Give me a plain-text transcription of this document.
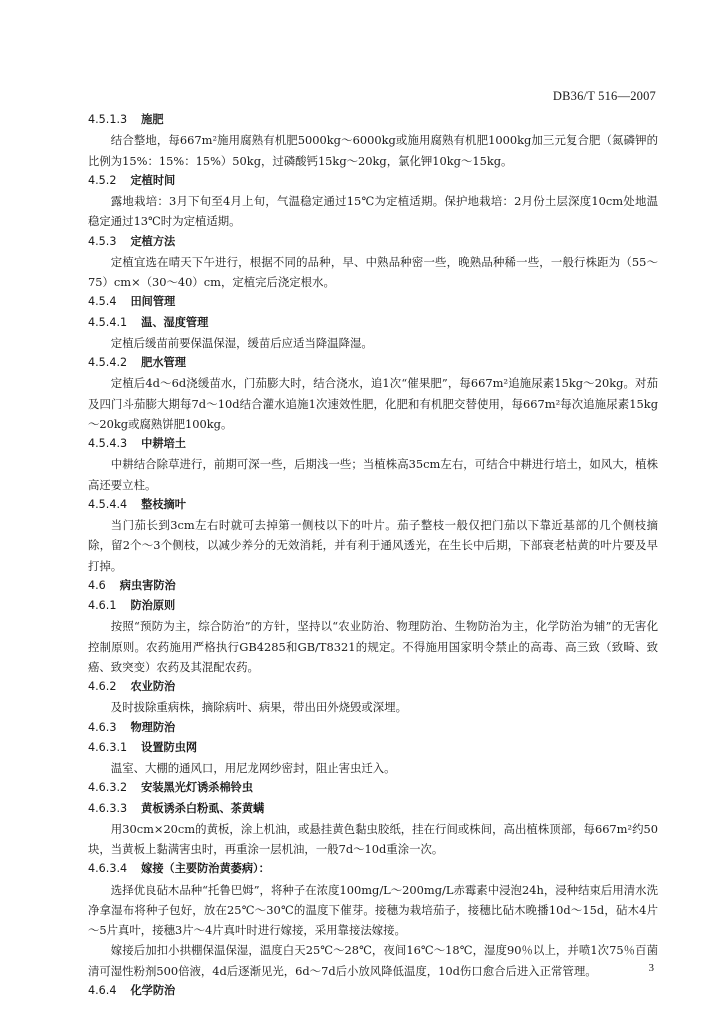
DB36/T 516—2007
4.5.1.3 施肥
结合整地，每667m²施用腐熟有机肥5000kg～6000kg或施用腐熟有机肥1000kg加三元复合肥（氮磷钾的比例为15%：15%：15%）50kg，过磷酸钙15kg～20kg，氯化钾10kg～15kg。
4.5.2 定植时间
露地栽培：3月下旬至4月上旬，气温稳定通过15℃为定植适期。保护地栽培：2月份土层深度10cm处地温稳定通过13℃时为定植适期。
4.5.3 定植方法
定植宜选在晴天下午进行，根据不同的品种，早、中熟品种密一些，晚熟品种稀一些，一般行株距为（55～75）cm×（30～40）cm，定植完后浇定根水。
4.5.4 田间管理
4.5.4.1 温、湿度管理
定植后缓苗前要保温保湿，缓苗后应适当降温降湿。
4.5.4.2 肥水管理
定植后4d～6d浇缓苗水，门茄膨大时，结合浇水，追1次“催果肥”，每667m²追施尿素15kg～20kg。对茄及四门斗茄膨大期每7d～10d结合灌水追施1次速效性肥，化肥和有机肥交替使用，每667m²每次追施尿素15kg～20kg或腐熟饼肥100kg。
4.5.4.3 中耕培土
中耕结合除草进行，前期可深一些，后期浅一些；当植株高35cm左右，可结合中耕进行培土，如风大，植株高还要立柱。
4.5.4.4 整枝摘叶
当门茄长到3cm左右时就可去掉第一侧枝以下的叶片。茄子整枝一般仅把门茄以下靠近基部的几个侧枝摘除，留2个～3个侧枝，以减少养分的无效消耗，并有利于通风透光，在生长中后期，下部衰老枯黄的叶片要及早打掉。
4.6 病虫害防治
4.6.1 防治原则
按照“预防为主，综合防治”的方针，坚持以“农业防治、物理防治、生物防治为主，化学防治为辅”的无害化控制原则。农药施用严格执行GB4285和GB/T8321的规定。不得施用国家明令禁止的高毒、高三致（致畸、致癌、致突变）农药及其混配农药。
4.6.2 农业防治
及时拔除重病株，摘除病叶、病果，带出田外烧毁或深埋。
4.6.3 物理防治
4.6.3.1 设置防虫网
温室、大棚的通风口，用尼龙网纱密封，阻止害虫迁入。
4.6.3.2 安装黑光灯诱杀棉铃虫
4.6.3.3 黄板诱杀白粉虱、茶黄螨
用30cm×20cm的黄板，涂上机油，或悬挂黄色黏虫胶纸，挂在行间或株间，高出植株顶部，每667m²约50块，当黄板上黏满害虫时，再重涂一层机油，一般7d～10d重涂一次。
4.6.3.4 嫁接（主要防治黄萎病）：
选择优良砧木品种“托鲁巴姆”，将种子在浓度100mg/L～200mg/L赤霉素中浸泡24h，浸种结束后用清水洗净拿湿布将种子包好，放在25℃～30℃的温度下催芽。接穗为栽培茄子，接穗比砧木晚播10d～15d，砧木4片～5片真叶，接穗3片～4片真叶时进行嫁接，采用靠接法嫁接。
嫁接后加扣小拱棚保温保湿，温度白天25℃～28℃，夜间16℃～18℃，湿度90％以上，并喷1次75％百菌清可湿性粉剂500倍液，4d后逐渐见光，6d～7d后小放风降低温度，10d伤口愈合后进入正常管理。
4.6.4 化学防治
3
